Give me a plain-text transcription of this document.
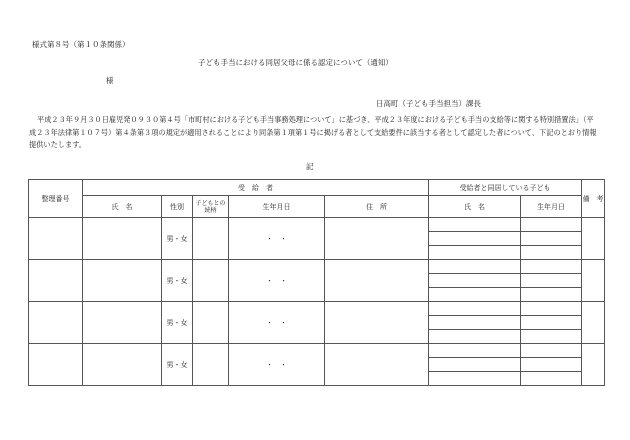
様式第８号（第１０条関係）
子ども手当における同居父母に係る認定について（通知）
様
日高町（子ども手当担当）課長
平成２３年９月３０日雇児発０９３０第４号「市町村における子ども手当事務処理について」に基づき、平成２３年度における子ども手当の支給等に関する特別措置法」（平成２３年法律第１０７号）第４条第３項の規定が適用されることにより同条第１項第１号に掲げる者として支給要件に該当する者として認定した者について、下記のとおり情報提供いたします。
記
整理番号	受　給　者					受給者と同居している子ども		備　考
	氏　名	性別	子どもとの続柄	生年月日	住　所	氏　名	生年月日	
		男・女		・　・				

		男・女		・　・				

		男・女		・　・				

		男・女		・　・				
